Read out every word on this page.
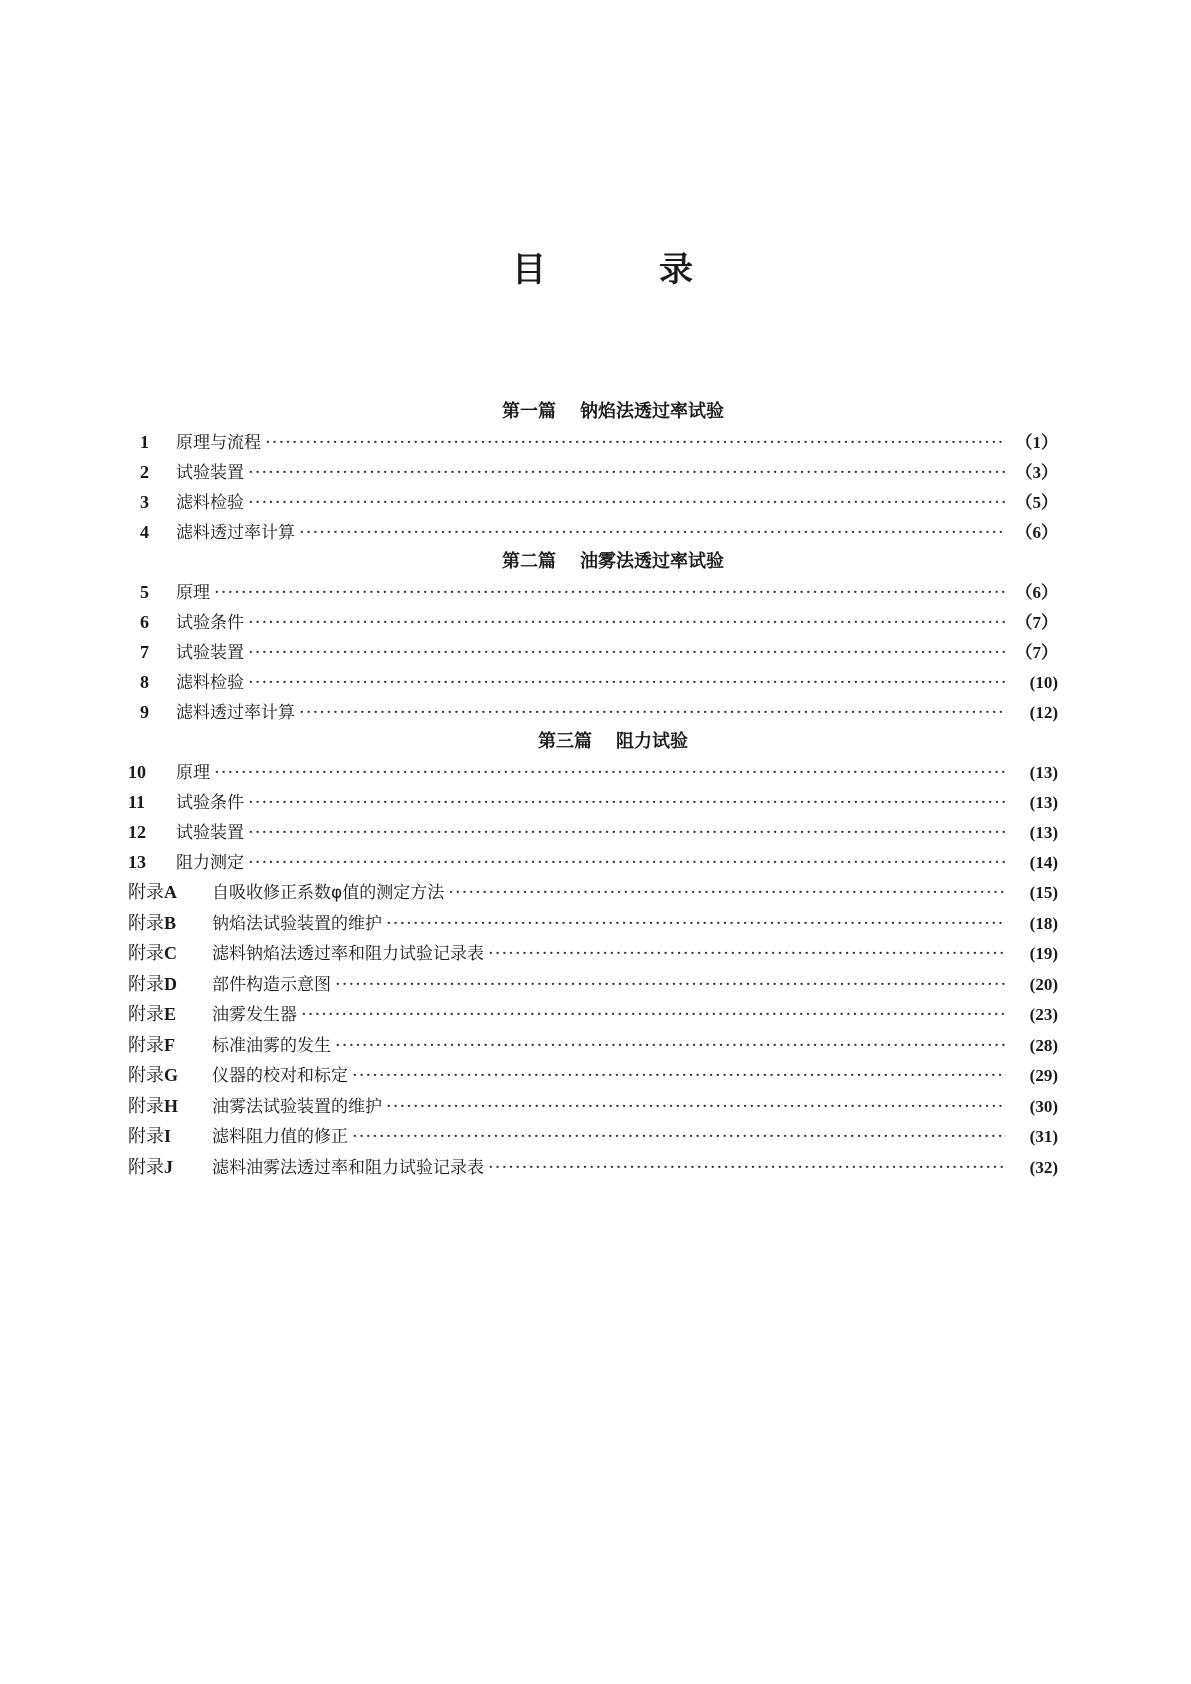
目	录
第一篇 钠焰法透过率试验
1	原理与流程 ·····	（1）
2	试验装置 ·····	（3）
3	滤料检验 ·····	（5）
4	滤料透过率计算 ·····	（6）
第二篇 油雾法透过率试验
5	原理 ·····	（6）
6	试验条件 ·····	（7）
7	试验装置 ·····	（7）
8	滤料检验 ·····	(10)
9	滤料透过率计算 ·····	(12)
第三篇 阻力试验
10	原理 ·····	(13)
11	试验条件 ·····	(13)
12	试验装置 ·····	(13)
13	阻力测定 ·····	(14)
附录A	自吸收修正系数φ值的测定方法 ·····	(15)
附录B	钠焰法试验装置的维护 ·····	(18)
附录C	滤料钠焰法透过率和阻力试验记录表 ·····	(19)
附录D	部件构造示意图 ·····	(20)
附录E	油雾发生器 ·····	(23)
附录F	标准油雾的发生 ·····	(28)
附录G	仪器的校对和标定 ·····	(29)
附录H	油雾法试验装置的维护 ·····	(30)
附录I	滤料阻力值的修正 ·····	(31)
附录J	滤料油雾法透过率和阻力试验记录表 ·····	(32)
